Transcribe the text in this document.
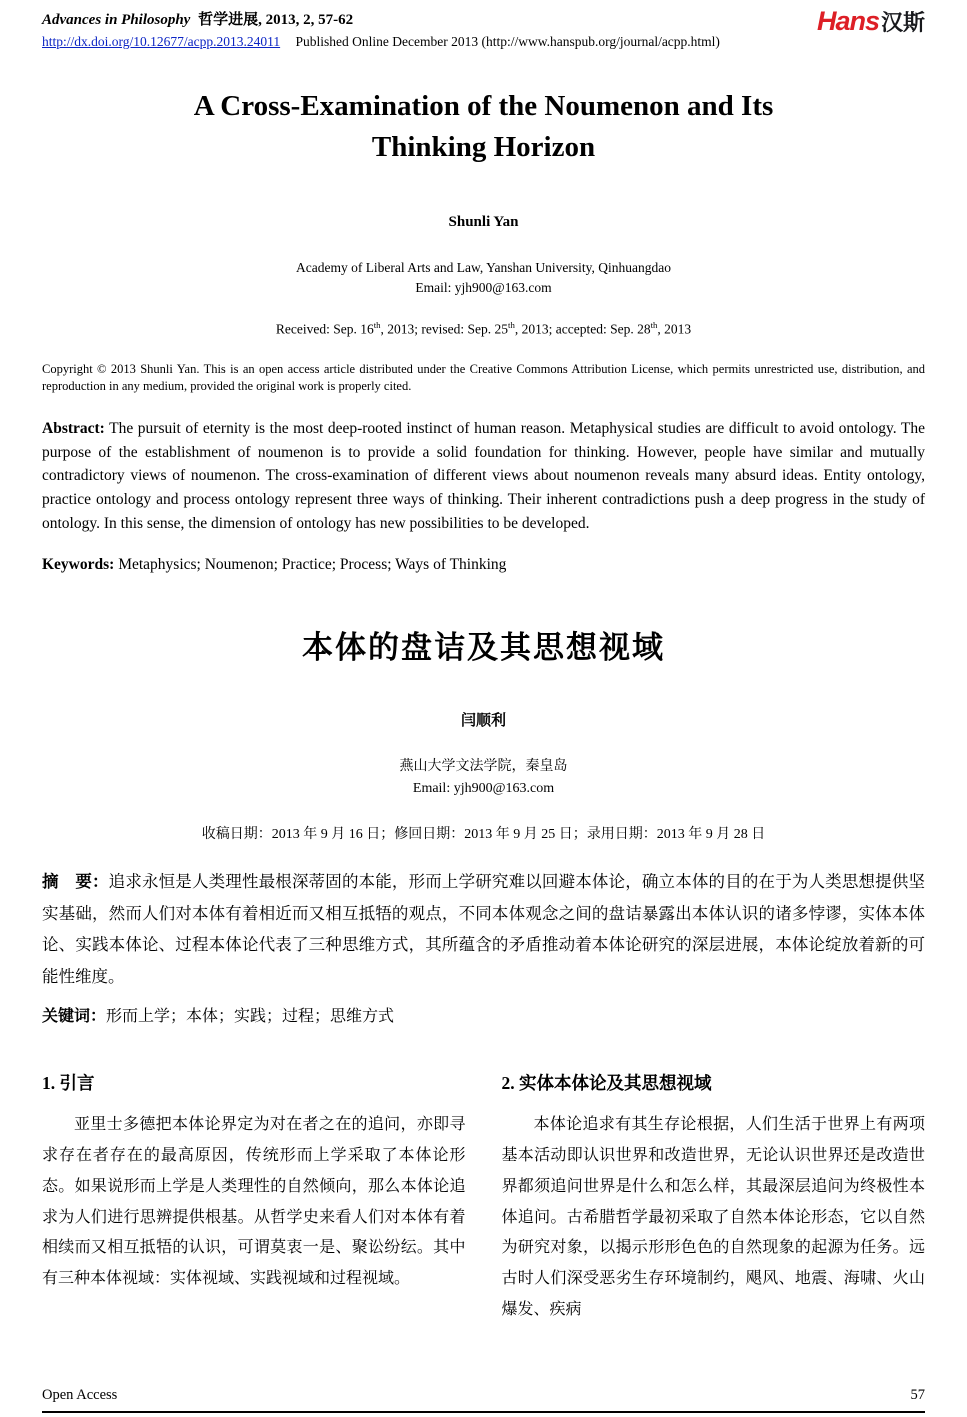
Advances in Philosophy 哲学进展, 2013, 2, 57-62
http://dx.doi.org/10.12677/acpp.2013.24011 Published Online December 2013 (http://www.hanspub.org/journal/acpp.html)
Hans汉斯
A Cross-Examination of the Noumenon and Its
Thinking Horizon
Shunli Yan
Academy of Liberal Arts and Law, Yanshan University, Qinhuangdao
Email: yjh900@163.com
Received: Sep. 16th, 2013; revised: Sep. 25th, 2013; accepted: Sep. 28th, 2013
Copyright © 2013 Shunli Yan. This is an open access article distributed under the Creative Commons Attribution License, which permits unrestricted use, distribution, and reproduction in any medium, provided the original work is properly cited.

Abstract: The pursuit of eternity is the most deep-rooted instinct of human reason. Metaphysical studies are difficult to avoid ontology. The purpose of the establishment of noumenon is to provide a solid foundation for thinking. However, people have similar and mutually contradictory views of noumenon. The cross-examination of different views about noumenon reveals many absurd ideas. Entity ontology, practice ontology and process ontology represent three ways of thinking. Their inherent contradictions push a deep progress in the study of ontology. In this sense, the dimension of ontology has new possibilities to be developed.

Keywords: Metaphysics; Noumenon; Practice; Process; Ways of Thinking

本体的盘诘及其思想视域
闫顺利
燕山大学文法学院，秦皇岛
Email: yjh900@163.com
收稿日期：2013 年 9 月 16 日；修回日期：2013 年 9 月 25 日；录用日期：2013 年 9 月 28 日

摘　要：追求永恒是人类理性最根深蒂固的本能，形而上学研究难以回避本体论，确立本体的目的在于为人类思想提供坚实基础，然而人们对本体有着相近而又相互抵牾的观点，不同本体观念之间的盘诘暴露出本体认识的诸多悖谬，实体本体论、实践本体论、过程本体论代表了三种思维方式，其所蕴含的矛盾推动着本体论研究的深层进展，本体论绽放着新的可能性维度。

关键词：形而上学；本体；实践；过程；思维方式

1. 引言

亚里士多德把本体论界定为对在者之在的追问，亦即寻求存在者存在的最高原因，传统形而上学采取了本体论形态。如果说形而上学是人类理性的自然倾向，那么本体论追求为人们进行思辨提供根基。从哲学史来看人们对本体有着相续而又相互抵牾的认识，可谓莫衷一是、聚讼纷纭。其中有三种本体视域：实体视域、实践视域和过程视域。

2. 实体本体论及其思想视域

本体论追求有其生存论根据，人们生活于世界上有两项基本活动即认识世界和改造世界，无论认识世界还是改造世界都须追问世界是什么和怎么样，其最深层追问为终极性本体追问。古希腊哲学最初采取了自然本体论形态，它以自然为研究对象，以揭示形形色色的自然现象的起源为任务。远古时人们深受恶劣生存环境制约，飓风、地震、海啸、火山爆发、疾病

Open Access	57
